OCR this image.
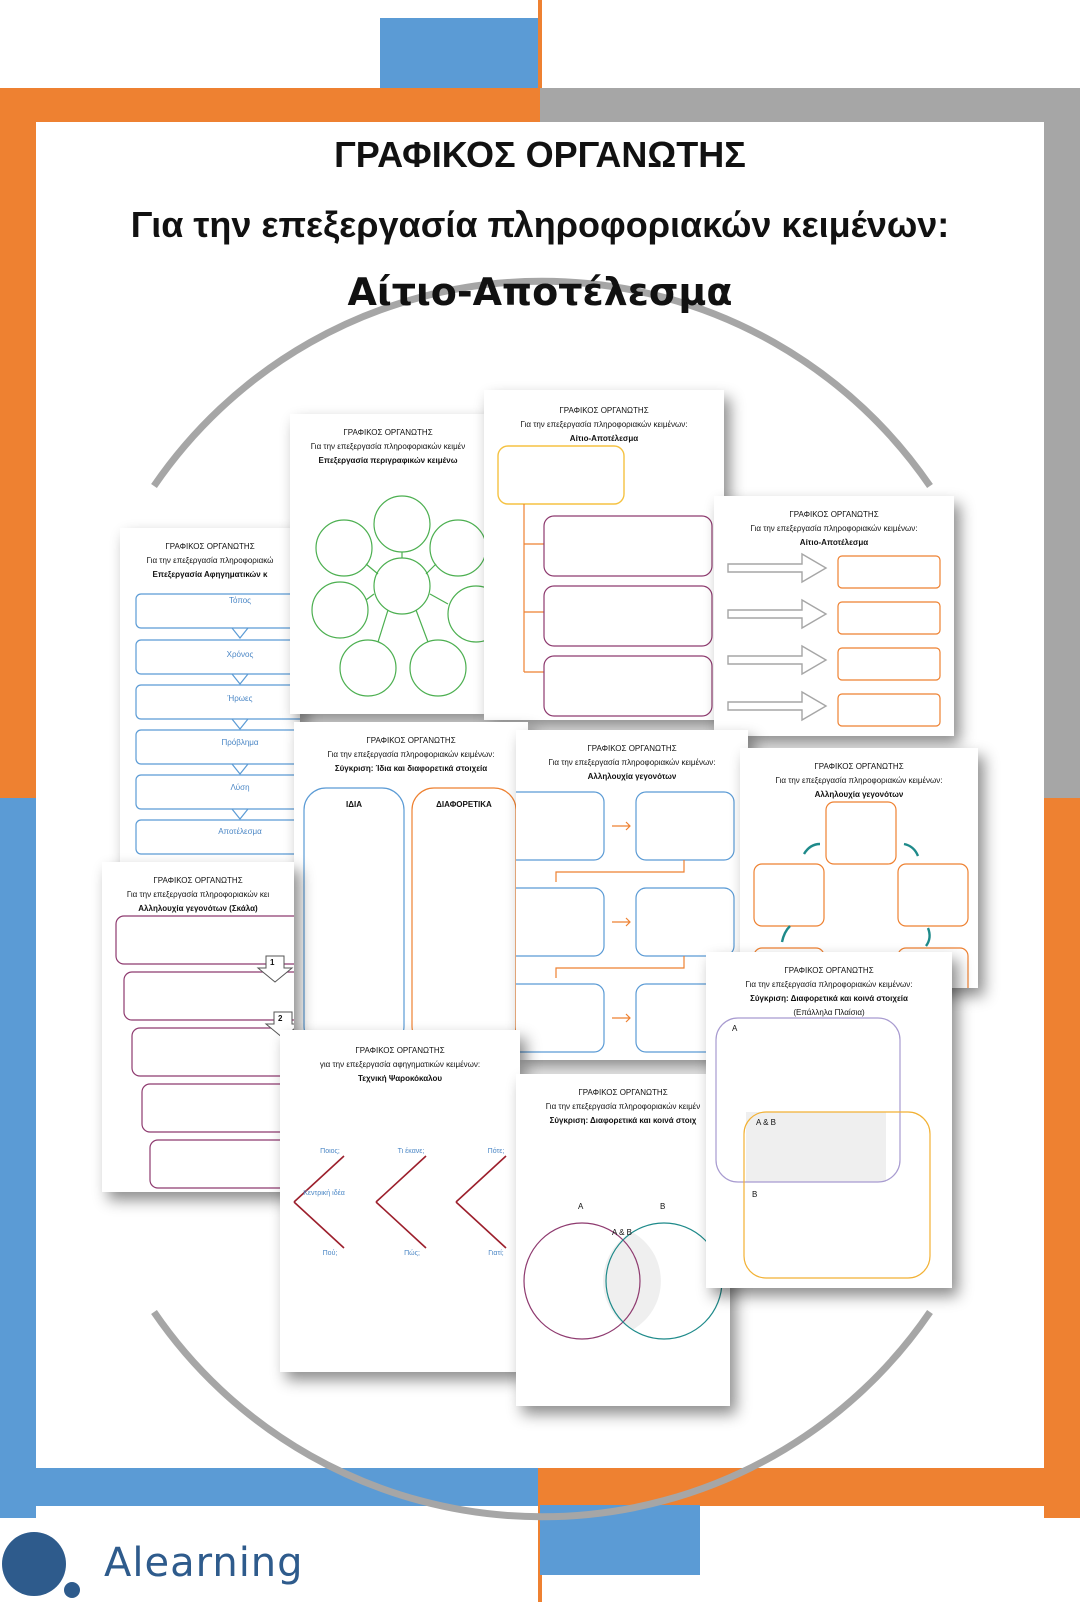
ΓΡΑΦΙΚΟΣ ΟΡΓΑΝΩΤΗΣ
Για την επεξεργασία πληροφοριακών κειμένων:
Αίτιο-Αποτέλεσμα
ΓΡΑΦΙΚΟΣ ΟΡΓΑΝΩΤΗΣ
Για την επεξεργασία πληροφοριακώ
Επεξεργασία Αφηγηματικών κ
Τόπος
Χρόνος
Ήρωες
Πρόβλημα
Λύση
Αποτέλεσμα
ΓΡΑΦΙΚΟΣ ΟΡΓΑΝΩΤΗΣ
Για την επεξεργασία πληροφοριακών κειμέν
Επεξεργασία περιγραφικών κειμένω
ΓΡΑΦΙΚΟΣ ΟΡΓΑΝΩΤΗΣ
Για την επεξεργασία πληροφοριακών κειμένων:
Αίτιο-Αποτέλεσμα
ΓΡΑΦΙΚΟΣ ΟΡΓΑΝΩΤΗΣ
Για την επεξεργασία πληροφοριακών κειμένων:
Αίτιο-Αποτέλεσμα
ΓΡΑΦΙΚΟΣ ΟΡΓΑΝΩΤΗΣ
Για την επεξεργασία πληροφοριακών κειμένων:
Σύγκριση: Ίδια και διαφορετικά στοιχεία
ΙΔΙΑ	ΔΙΑΦΟΡΕΤΙΚΑ
ΓΡΑΦΙΚΟΣ ΟΡΓΑΝΩΤΗΣ
Για την επεξεργασία πληροφοριακών κειμένων:
Αλληλουχία γεγονότων
ΓΡΑΦΙΚΟΣ ΟΡΓΑΝΩΤΗΣ
Για την επεξεργασία πληροφοριακών κειμένων:
Αλληλουχία γεγονότων
ΓΡΑΦΙΚΟΣ ΟΡΓΑΝΩΤΗΣ
Για την επεξεργασία πληροφοριακών κει
Αλληλουχία γεγονότων (Σκάλα)
1
2
ΓΡΑΦΙΚΟΣ ΟΡΓΑΝΩΤΗΣ
για την επεξεργασία αφηγηματικών κειμένων:
Τεχνική Ψαροκόκαλου
Ποιος;	Τι έκανε;	Πότε;
Κεντρική ιδέα
Πού;	Πώς;	Γιατί;
ΓΡΑΦΙΚΟΣ ΟΡΓΑΝΩΤΗΣ
Για την επεξεργασία πληροφοριακών κειμέν
Σύγκριση: Διαφορετικά και κοινά στοιχ
Α	Β
Α & Β
ΓΡΑΦΙΚΟΣ ΟΡΓΑΝΩΤΗΣ
Για την επεξεργασία πληροφοριακών κειμένων:
Σύγκριση: Διαφορετικά και κοινά στοιχεία
(Επάλληλα Πλαίσια)
Α
Α & Β
Β
Alearning
